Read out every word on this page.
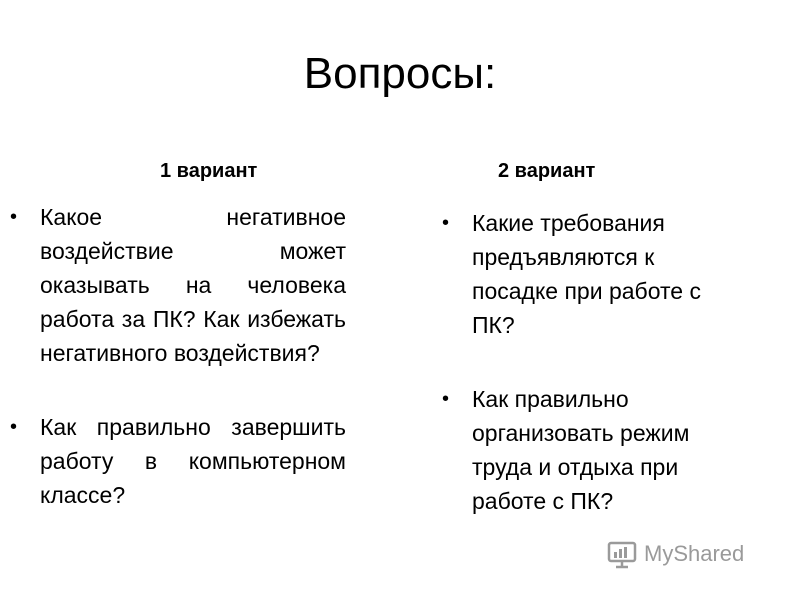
Вопросы:
1 вариант	2 вариант
• Какое негативное воздействие может оказывать на человека работа за ПК? Как избежать негативного воздействия?
• Как правильно завершить работу в компьютерном классе?
• Какие требования предъявляются к посадке при работе с ПК?
• Как правильно организовать режим труда и отдыха при работе с ПК?
MyShared
